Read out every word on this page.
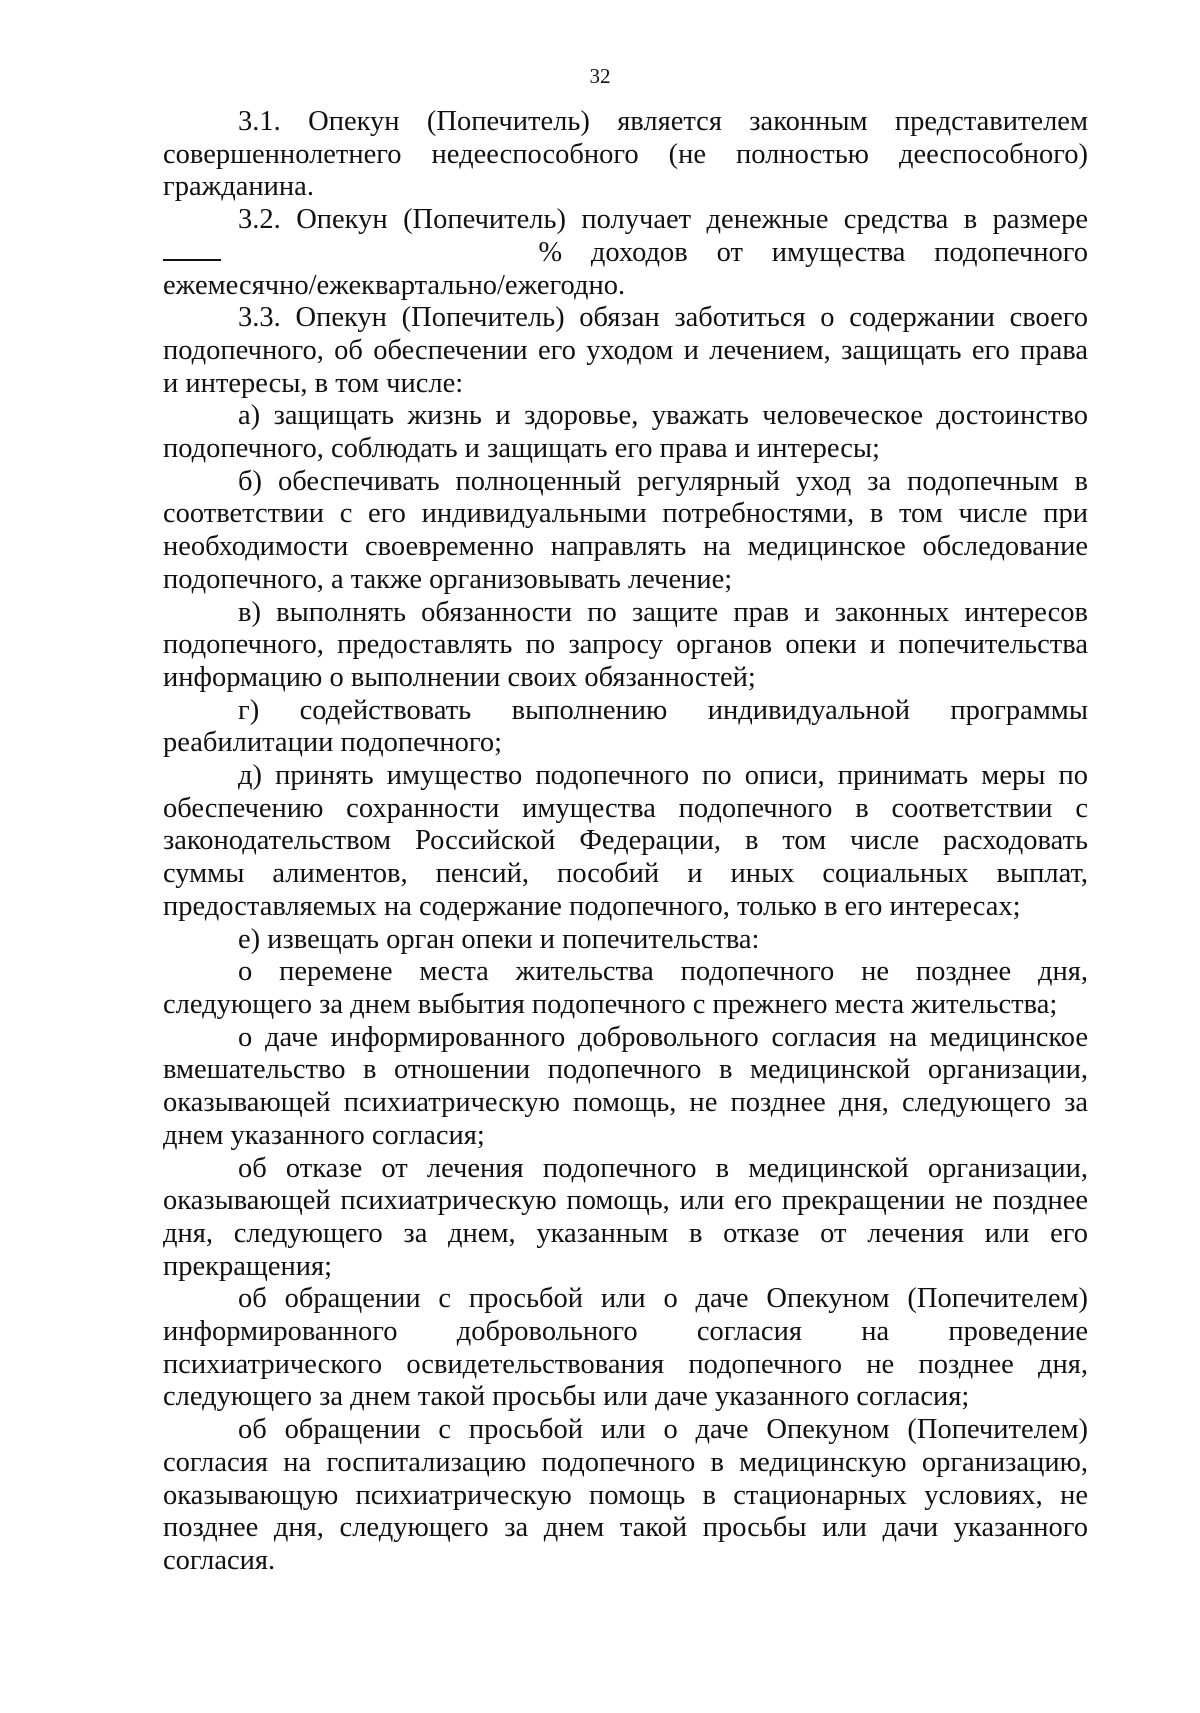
32
3.1. Опекун (Попечитель) является законным представителем
совершеннолетнего недееспособного (не полностью дееспособного)
гражданина.
3.2. Опекун (Попечитель) получает денежные средства в размере
% доходов от имущества подопечного
ежемесячно/ежеквартально/ежегодно.
3.3. Опекун (Попечитель) обязан заботиться о содержании своего
подопечного, об обеспечении его уходом и лечением, защищать его права
и интересы, в том числе:
а) защищать жизнь и здоровье, уважать человеческое достоинство
подопечного, соблюдать и защищать его права и интересы;
б) обеспечивать полноценный регулярный уход за подопечным в
соответствии с его индивидуальными потребностями, в том числе при
необходимости своевременно направлять на медицинское обследование
подопечного, а также организовывать лечение;
в) выполнять обязанности по защите прав и законных интересов
подопечного, предоставлять по запросу органов опеки и попечительства
информацию о выполнении своих обязанностей;
г) содействовать выполнению индивидуальной программы
реабилитации подопечного;
д) принять имущество подопечного по описи, принимать меры по
обеспечению сохранности имущества подопечного в соответствии с
законодательством Российской Федерации, в том числе расходовать
суммы алиментов, пенсий, пособий и иных социальных выплат,
предоставляемых на содержание подопечного, только в его интересах;
е) извещать орган опеки и попечительства:
о перемене места жительства подопечного не позднее дня,
следующего за днем выбытия подопечного с прежнего места жительства;
о даче информированного добровольного согласия на медицинское
вмешательство в отношении подопечного в медицинской организации,
оказывающей психиатрическую помощь, не позднее дня, следующего за
днем указанного согласия;
об отказе от лечения подопечного в медицинской организации,
оказывающей психиатрическую помощь, или его прекращении не позднее
дня, следующего за днем, указанным в отказе от лечения или его
прекращения;
об обращении с просьбой или о даче Опекуном (Попечителем)
информированного добровольного согласия на проведение
психиатрического освидетельствования подопечного не позднее дня,
следующего за днем такой просьбы или даче указанного согласия;
об обращении с просьбой или о даче Опекуном (Попечителем)
согласия на госпитализацию подопечного в медицинскую организацию,
оказывающую психиатрическую помощь в стационарных условиях, не
позднее дня, следующего за днем такой просьбы или дачи указанного
согласия.
